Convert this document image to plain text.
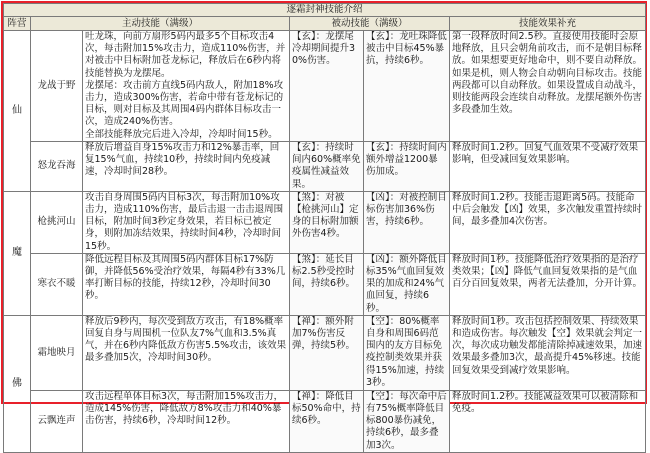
逐霜封神技能介绍					
阵营	主动技能（满级）		被动技能（满级）		技能效果补充
仙	龙战于野	吐龙珠，向前方扇形5码内最多5个目标攻击4次，每击附加15%攻击力，造成110%伤害，并对被击中目标附加苍龙标记，释放后在6秒内将技能替换为龙摆尾。
龙摆尾：攻击前方直线5码内敌人，附加18%攻击力，造成300%伤害，若命中带有苍龙标记的目标，则对目标及其周围4码内群体目标攻击一次，造成240%伤害。
全部技能释放完后进入冷却，冷却时间15秒。	【玄】：龙摆尾冷却期间提升30%伤害。	【玄】：龙吐珠降低被击中目标45%暴抗，持续6秒。	第一段释放时间2.5秒。直接使用技能时会原地释放，且只会朝角前攻击，而不是朝目标释放。如果想要更好地命中，则不要自动释放。如果是机，则人物会自动朝向目标攻击。技能两段都可以自动释放。如果设置成自动战斗，则技能两段会连续自动释放。龙摆尾额外伤害多段叠加生效。
	怒龙吞海	释放后增益自身15%攻击力和12%暴击率，回复15%气血，持续10秒，持续时间内免疫减速，冷却时间28秒。	【玄】：持续时间内60%概率免疫属性减益效果。	【玄】：持续时间内额外增益1200暴伤加成。	释放时间1.2秒。回复气血效果不受减疗效果影响，但受减回复效果影响。
魔	枪挑河山	攻击自身周围5码内目标3次，每击附加10%攻击力，造成110%伤害，最后击退一击击退周围目标，附加时间3秒定身效果，若目标已被定身，则附加冻结效果，持续时间4秒，冷却时间15秒。	【煞】：对被【枪挑河山】定身的目标附加额外伤害4秒。	【凶】：对被控制目标伤害加36%伤害，持续6秒。	释放时间1.2秒。技能击退距离5码。技能命中后会触发【凶】效果，多次触发重置持续时间，最多叠加4次伤害。
	寒衣不暖	降低远程目标及其周围5码内群体目标17%防御，并降低56%受治疗效果，每隔4秒有33%几率打断目标的技能，持续12秒，冷却时间30秒。	【煞】：延长目标2.5秒受控时间，持续6秒。	【凶】：额外降低目标35%气血回复效果的加成和24%气血回复，持续6秒。	释放时间1秒。技能降低治疗效果指的是治疗类效果；【凶】降低气血回复效果指的是气血百分百回复效果，两者无法叠加，分开计算。
佛	霜地映月	释放后9秒内，每次受到敌方攻击，有18%概率回复自身与周围机一位队友7%气血和3.5%真气，并在6秒内降低敌方伤害5.5%攻击，该效果最多叠加5次，冷却时间30秒。	【禅】：额外附加7%伤害反弹，持续5秒。	【空】：80%概率自身和周围6码范围内的友方目标免疫控制类效果并获得15%加速，持续3秒。	释放时间1秒。攻击包括控制效果、持续效果和造成伤害。每次触发【空】效果就会判定一次，每次成功触发都能清除掉减速效果，加速效果最多叠加3次，最高提升45%移速。技能回复效果受到减疗效果影响。
	云飘连声	攻击远程单体目标3次，每击附加15%攻击力，造成145%伤害，降低敌方8%攻击力和40%暴击伤害，持续6秒，冷却时间12秒。	【禅】：降低目标50%命中，持续6秒。	【空】：每次命中后有75%概率降低目标800暴伤减免，持续6秒，最多叠加3次。	释放时间1.2秒。技能减益效果可以被清除和免疫。
